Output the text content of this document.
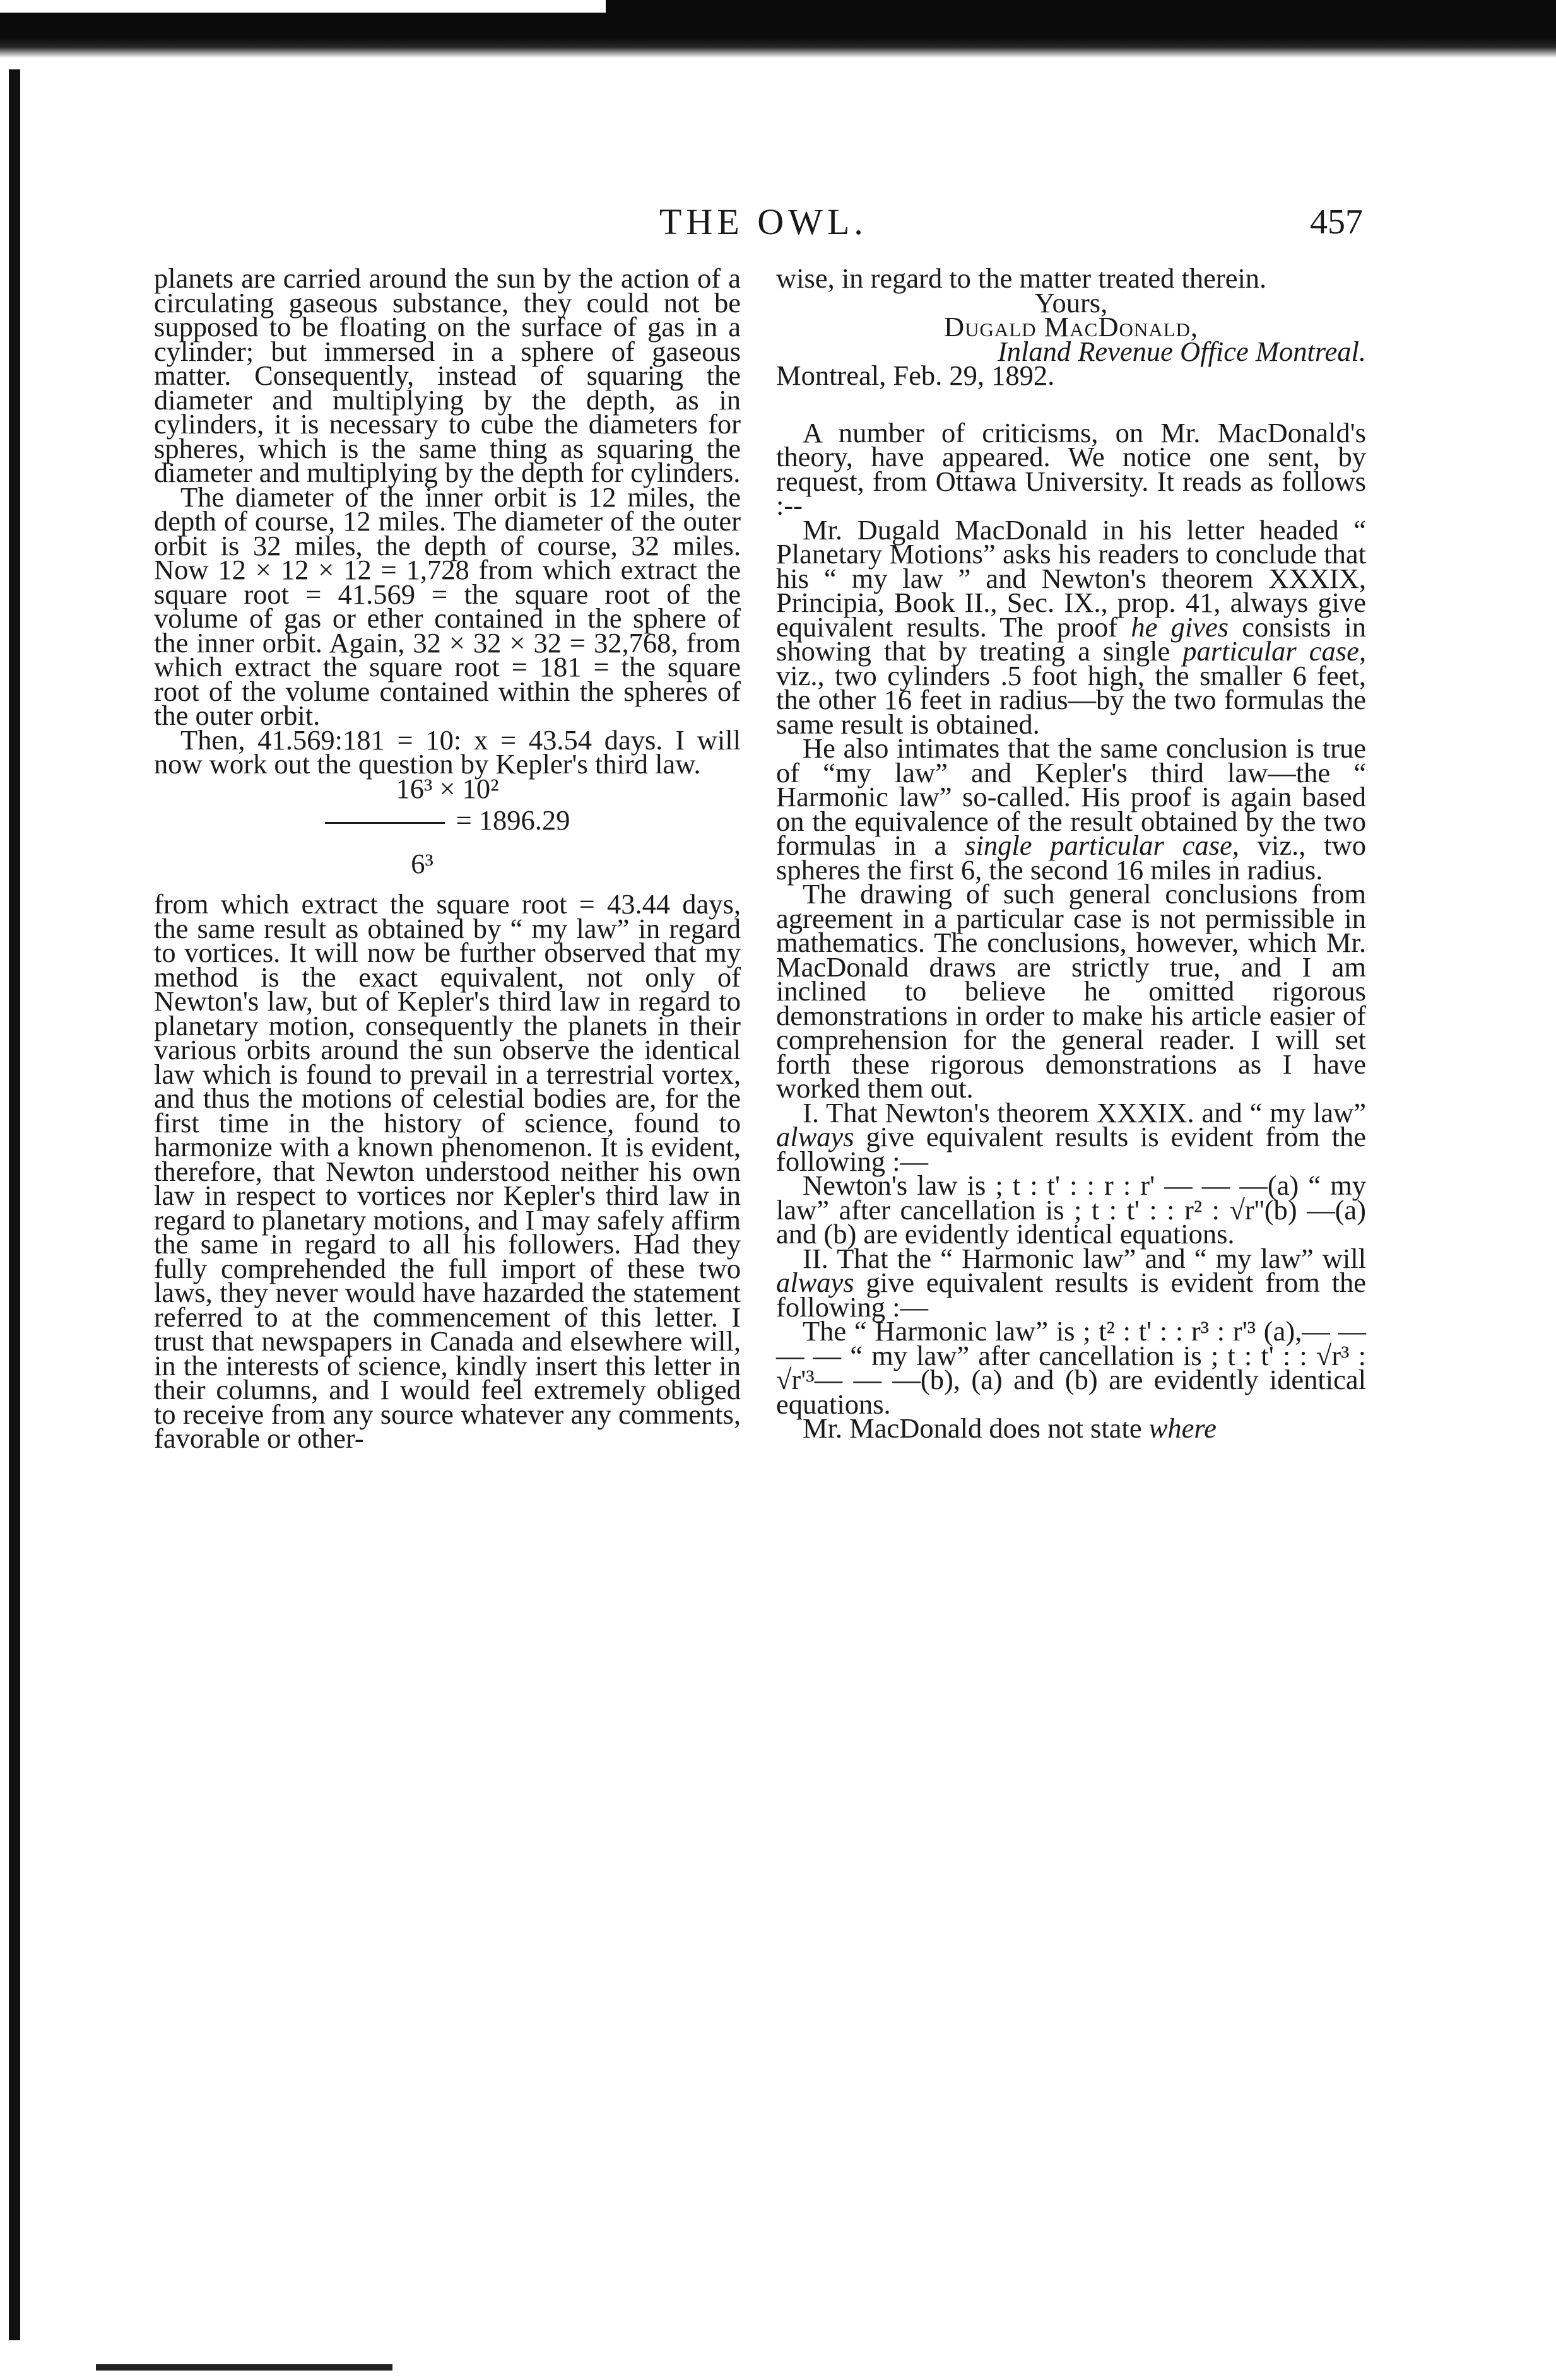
THE OWL.	457

planets are carried around the sun by the action of a circulating gaseous substance, they could not be supposed to be floating on the surface of gas in a cylinder; but immersed in a sphere of gaseous matter. Consequently, instead of squaring the diameter and multiplying by the depth, as in cylinders, it is necessary to cube the diameters for spheres, which is the same thing as squaring the diameter and multiplying by the depth for cylinders.

The diameter of the inner orbit is 12 miles, the depth of course, 12 miles. The diameter of the outer orbit is 32 miles, the depth of course, 32 miles. Now 12 × 12 × 12 = 1,728 from which extract the square root = 41.569 = the square root of the volume of gas or ether contained in the sphere of the inner orbit. Again, 32 × 32 × 32 = 32,768, from which extract the square root = 181 = the square root of the volume contained within the spheres of the outer orbit.

Then, 41.569:181 = 10: x = 43.54 days. I will now work out the question by Kepler's third law.

16³ × 10²

= 1896.29

6³

from which extract the square root = 43.44 days, the same result as obtained by “ my law” in regard to vortices. It will now be further observed that my method is the exact equivalent, not only of Newton's law, but of Kepler's third law in regard to planetary motion, consequently the planets in their various orbits around the sun observe the identical law which is found to prevail in a terrestrial vortex, and thus the motions of celestial bodies are, for the first time in the history of science, found to harmonize with a known phenomenon. It is evident, therefore, that Newton understood neither his own law in respect to vortices nor Kepler's third law in regard to planetary motions, and I may safely affirm the same in regard to all his followers. Had they fully comprehended the full import of these two laws, they never would have hazarded the statement referred to at the commencement of this letter. I trust that newspapers in Canada and elsewhere will, in the interests of science, kindly insert this letter in their columns, and I would feel extremely obliged to receive from any source whatever any comments, favorable or other-

wise, in regard to the matter treated therein.

Yours,

Dugald MacDonald,

Inland Revenue Office Montreal.

Montreal, Feb. 29, 1892.

A number of criticisms, on Mr. MacDonald's theory, have appeared. We notice one sent, by request, from Ottawa University. It reads as follows :--

Mr. Dugald MacDonald in his letter headed “ Planetary Motions” asks his readers to conclude that his “ my law ” and Newton's theorem XXXIX, Principia, Book II., Sec. IX., prop. 41, always give equivalent results. The proof he gives consists in showing that by treating a single particular case, viz., two cylinders .5 foot high, the smaller 6 feet, the other 16 feet in radius—by the two formulas the same result is obtained.

He also intimates that the same conclusion is true of “my law” and Kepler's third law—the “ Harmonic law” so-called. His proof is again based on the equivalence of the result obtained by the two formulas in a single particular case, viz., two spheres the first 6, the second 16 miles in radius.

The drawing of such general conclusions from agreement in a particular case is not permissible in mathematics. The conclusions, however, which Mr. MacDonald draws are strictly true, and I am inclined to believe he omitted rigorous demonstrations in order to make his article easier of comprehension for the general reader. I will set forth these rigorous demonstrations as I have worked them out.

I. That Newton's theorem XXXIX. and “ my law” always give equivalent results is evident from the following :—

Newton's law is ; t : t' : : r : r' — — —(a) “ my law” after cancellation is ; t : t' : : r² : √r''(b) —(a) and (b) are evidently identical equations.

II. That the “ Harmonic law” and “ my law” will always give equivalent results is evident from the following :—

The “ Harmonic law” is ; t² : t' : : r³ : r'³ (a),— — — — “ my law” after cancellation is ; t : t' : : √r³ : √r'³— — —(b), (a) and (b) are evidently identical equations.

Mr. MacDonald does not state where
